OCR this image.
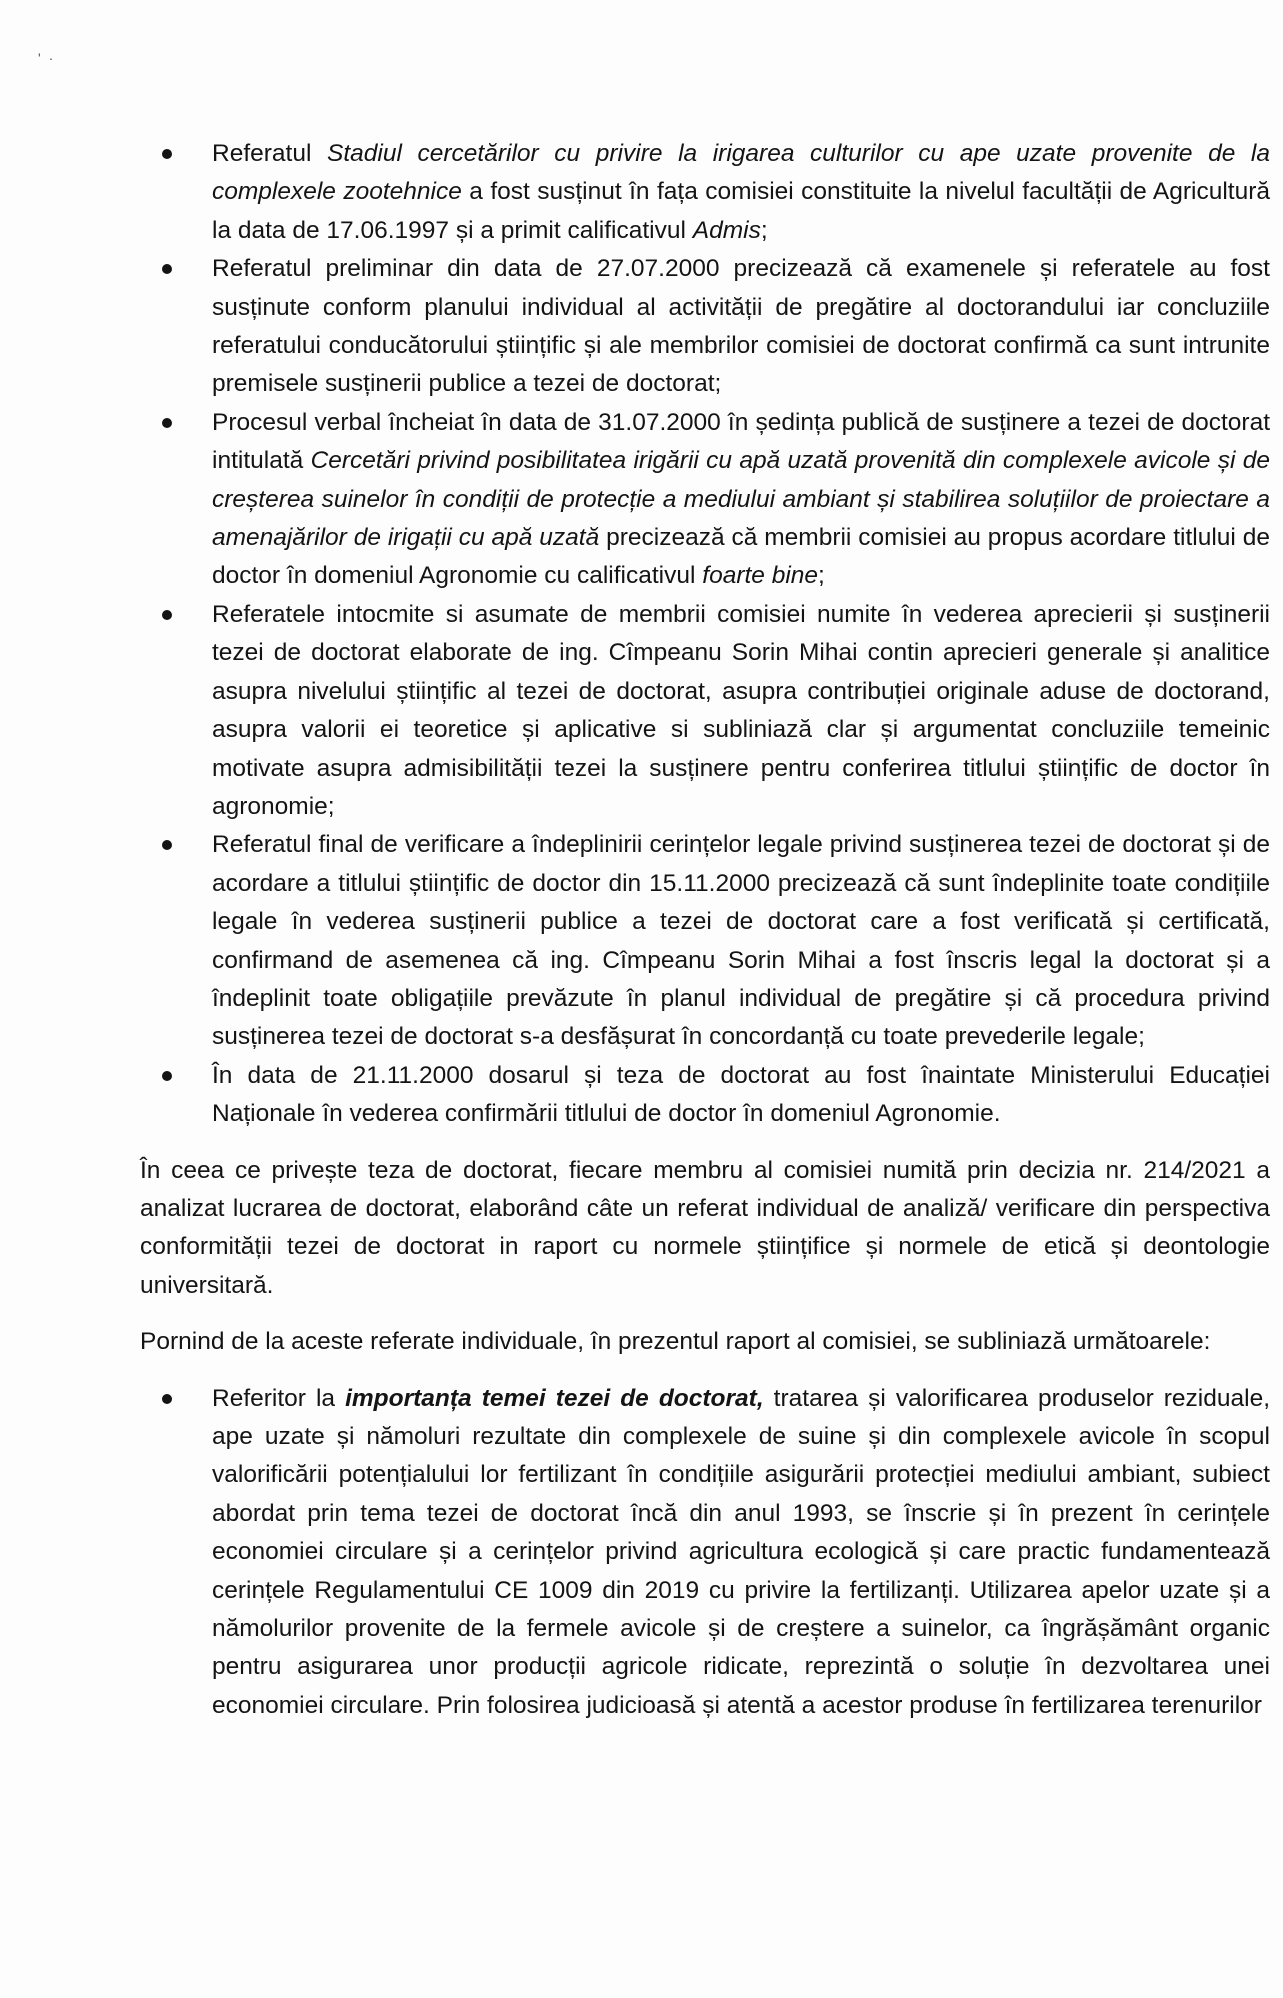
' ·
Referatul Stadiul cercetărilor cu privire la irigarea culturilor cu ape uzate provenite de la complexele zootehnice a fost susținut în fața comisiei constituite la nivelul facultății de Agricultură la data de 17.06.1997 și a primit calificativul Admis;
Referatul preliminar din data de 27.07.2000 precizează că examenele și referatele au fost susținute conform planului individual al activității de pregătire al doctorandului iar concluziile referatului conducătorului științific și ale membrilor comisiei de doctorat confirmă ca sunt intrunite premisele susținerii publice a tezei de doctorat;
Procesul verbal încheiat în data de 31.07.2000 în ședința publică de susținere a tezei de doctorat intitulată Cercetări privind posibilitatea irigării cu apă uzată provenită din complexele avicole și de creșterea suinelor în condiții de protecție a mediului ambiant și stabilirea soluțiilor de proiectare a amenajărilor de irigații cu apă uzată precizează că membrii comisiei au propus acordare titlului de doctor în domeniul Agronomie cu calificativul foarte bine;
Referatele intocmite si asumate de membrii comisiei numite în vederea aprecierii și susținerii tezei de doctorat elaborate de ing. Cîmpeanu Sorin Mihai contin aprecieri generale și analitice asupra nivelului științific al tezei de doctorat, asupra contribuției originale aduse de doctorand, asupra valorii ei teoretice și aplicative si subliniază clar și argumentat concluziile temeinic motivate asupra admisibilității tezei la susținere pentru conferirea titlului științific de doctor în agronomie;
Referatul final de verificare a îndeplinirii cerințelor legale privind susținerea tezei de doctorat și de acordare a titlului științific de doctor din 15.11.2000 precizează că sunt îndeplinite toate condițiile legale în vederea susținerii publice a tezei de doctorat care a fost verificată și certificată, confirmand de asemenea că ing. Cîmpeanu Sorin Mihai a fost înscris legal la doctorat și a îndeplinit toate obligațiile prevăzute în planul individual de pregătire și că procedura privind susținerea tezei de doctorat s-a desfășurat în concordanță cu toate prevederile legale;
În data de 21.11.2000 dosarul și teza de doctorat au fost înaintate Ministerului Educației Naționale în vederea confirmării titlului de doctor în domeniul Agronomie.

În ceea ce privește teza de doctorat, fiecare membru al comisiei numită prin decizia nr. 214/2021 a analizat lucrarea de doctorat, elaborând câte un referat individual de analiză/ verificare din perspectiva conformității tezei de doctorat in raport cu normele științifice și normele de etică și deontologie universitară.

Pornind de la aceste referate individuale, în prezentul raport al comisiei, se subliniază următoarele:

Referitor la importanța temei tezei de doctorat, tratarea și valorificarea produselor reziduale, ape uzate și nămoluri rezultate din complexele de suine și din complexele avicole în scopul valorificării potențialului lor fertilizant în condițiile asigurării protecției mediului ambiant, subiect abordat prin tema tezei de doctorat încă din anul 1993, se înscrie și în prezent în cerințele economiei circulare și a cerințelor privind agricultura ecologică și care practic fundamentează cerințele Regulamentului CE 1009 din 2019 cu privire la fertilizanți. Utilizarea apelor uzate și a nămolurilor provenite de la fermele avicole și de creștere a suinelor, ca îngrășământ organic pentru asigurarea unor producții agricole ridicate, reprezintă o soluție în dezvoltarea unei economiei circulare. Prin folosirea judicioasă și atentă a acestor produse în fertilizarea terenurilor
